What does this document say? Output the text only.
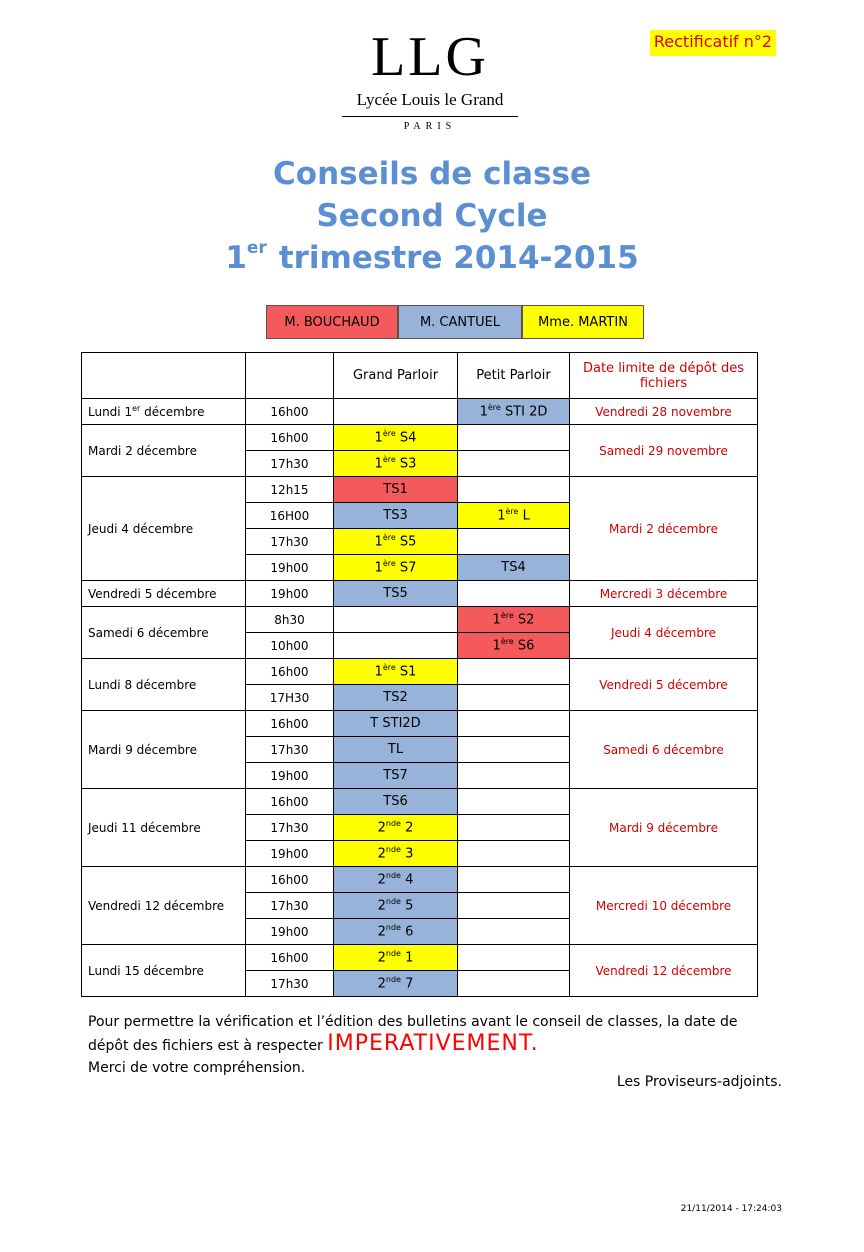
LLG
Lycée Louis le Grand
PARIS
Rectificatif n°2
Conseils de classe
Second Cycle
1er trimestre 2014-2015
M. BOUCHAUD	M. CANTUEL	Mme. MARTIN
		Grand Parloir	Petit Parloir	Date limite de dépôt des fichiers
Lundi 1er décembre	16h00		1ère STI 2D	Vendredi 28 novembre
Mardi 2 décembre	16h00	1ère S4		Samedi 29 novembre
	17h30	1ère S3		
Jeudi 4 décembre	12h15	TS1		Mardi 2 décembre
	16H00	TS3	1ère L	
	17h30	1ère S5		
	19h00	1ère S7	TS4	
Vendredi 5 décembre	19h00	TS5		Mercredi 3 décembre
Samedi 6 décembre	8h30		1ère S2	Jeudi 4 décembre
	10h00		1ère S6	
Lundi 8 décembre	16h00	1ère S1		Vendredi 5 décembre
	17H30	TS2		
Mardi 9 décembre	16h00	T STI2D		Samedi 6 décembre
	17h30	TL		
	19h00	TS7		
Jeudi 11 décembre	16h00	TS6		Mardi 9 décembre
	17h30	2nde 2		
	19h00	2nde 3		
Vendredi 12 décembre	16h00	2nde 4		Mercredi 10 décembre
	17h30	2nde 5		
	19h00	2nde 6		
Lundi 15 décembre	16h00	2nde 1		Vendredi 12 décembre
	17h30	2nde 7		
Pour permettre la vérification et l’édition des bulletins avant le conseil de classes, la date de dépôt des fichiers est à respecter IMPERATIVEMENT.
Merci de votre compréhension.
Les Proviseurs-adjoints.
21/11/2014 - 17:24:03
